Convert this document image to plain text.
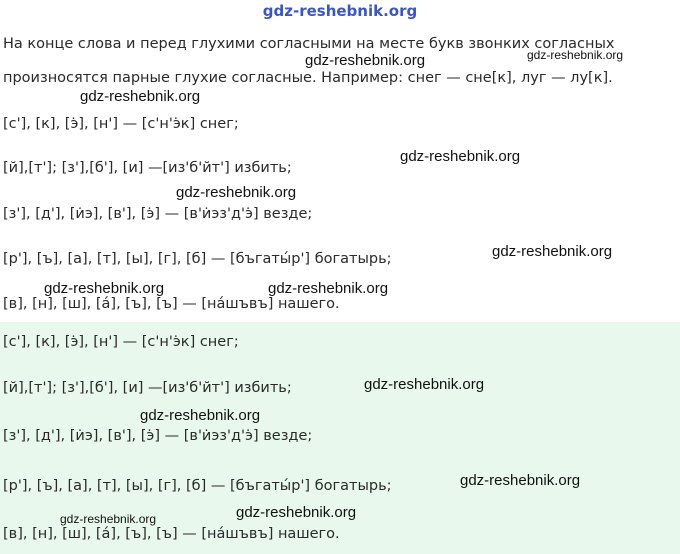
gdz-reshebnik.org
На конце слова и перед глухими согласными на месте букв звонких согласных
произносятся парные глухие согласные. Например: снег — сне[к], луг — лу[к].
[с'], [к], [э̇], [н'] — [с'н'э̇к] снег;
[й],[т']; [з'],[б'], [и] —[из'б'йт'] избить;
[з'], [д'], [и̇э], [в'], [э̇] — [в'и̇эз'д'э̇] везде;
[р'], [ъ], [а], [т], [ы], [г], [б] — [бъгаты́р'] богатырь;
[в], [н], [ш], [а́], [ъ], [ъ] — [на́шъвъ] нашего.
[с'], [к], [э̇], [н'] — [с'н'э̇к] снег;
[й],[т']; [з'],[б'], [и] —[из'б'йт'] избить;
[з'], [д'], [и̇э], [в'], [э̇] — [в'и̇эз'д'э̇] везде;
[р'], [ъ], [а], [т], [ы], [г], [б] — [бъгаты́р'] богатырь;
[в], [н], [ш], [а́], [ъ], [ъ] — [на́шъвъ] нашего.
gdz-reshebnik.org	gdz-reshebnik.org
gdz-reshebnik.org
gdz-reshebnik.org
gdz-reshebnik.org
gdz-reshebnik.org
gdz-reshebnik.org	gdz-reshebnik.org
gdz-reshebnik.org
gdz-reshebnik.org
gdz-reshebnik.org
gdz-reshebnik.org	gdz-reshebnik.org
